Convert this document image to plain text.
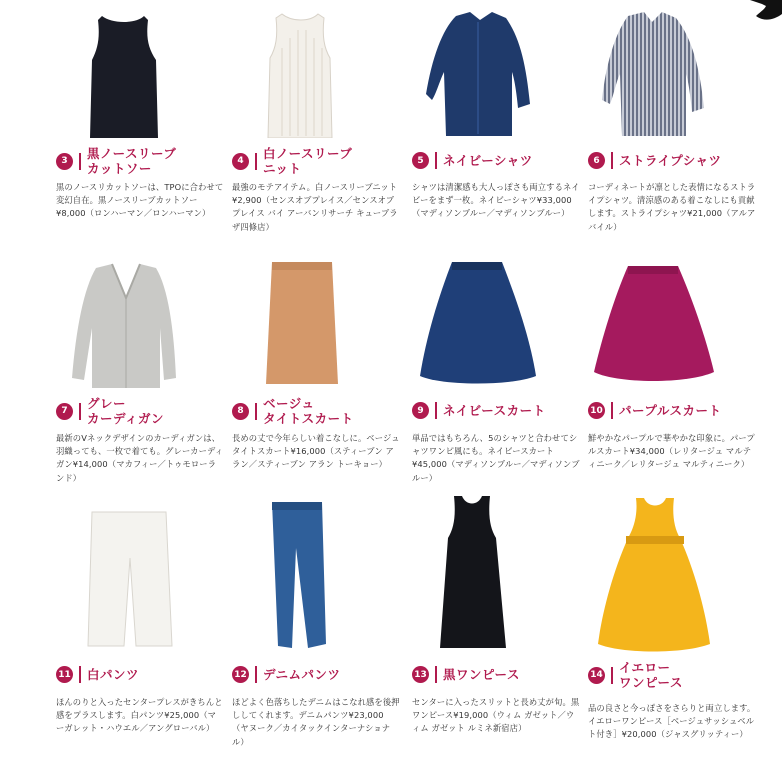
3	黒ノースリーブ
カットソー
黒のノースリカットソーは、TPOに合わせて変幻自在。黒ノースリーブカットソー¥8,000（ロンハーマン／ロンハーマン）
4	白ノースリーブ
ニット
最強のモテアイテム。白ノースリーブニット¥2,900（センスオブプレイス／センスオブプレイス バイ アーバンリサーチ キューブラザ四條店）
5	ネイビーシャツ
シャツは清潔感も大人っぽさも両立するネイビーをまず一枚。ネイビーシャツ¥33,000（マディソンブルー／マディソンブルー）
6	ストライプシャツ
コーディネートが凛とした表情になるストライプシャツ。清涼感のある着こなしにも貢献します。ストライプシャツ¥21,000（アルアバイル）
7	グレー
カーディガン
最新のVネックデザインのカーディガンは、羽織っても、一枚で着ても。グレーカーディガン¥14,000（マカフィー／トゥモローランド）
8	ベージュ
タイトスカート
長めの丈で今年らしい着こなしに。ベージュタイトスカート¥16,000（スティーブン アラン／スティーブン アラン トーキョー）
9	ネイビースカート
単品ではもちろん、5のシャツと合わせてシャツワンピ風にも。ネイビースカート¥45,000（マディソンブルー／マディソンブルー）
10 パープルスカート
鮮やかなパープルで華やかな印象に。パープルスカート¥34,000（レリタージュ マルティニーク／レリタージュ マルティニーク）
11 白パンツ
ほんのりと入ったセンタープレスがきちんと感をプラスします。白パンツ¥25,000（マーガレット・ハウエル／アングローバル）
12 デニムパンツ
ほどよく色落ちしたデニムはこなれ感を後押ししてくれます。デニムパンツ¥23,000（ヤヌーク／カイタックインターナショナル）
13 黒ワンピース
センターに入ったスリットと長め丈が旬。黒ワンピース¥19,000（ウィム ガゼット／ウィム ガゼット ルミネ新宿店）
14 イエロー
ワンピース
品の良さと今っぽさをさらりと両立します。イエローワンピース［ベージュサッシュベルト付き］¥20,000（ジャスグリッティー）
